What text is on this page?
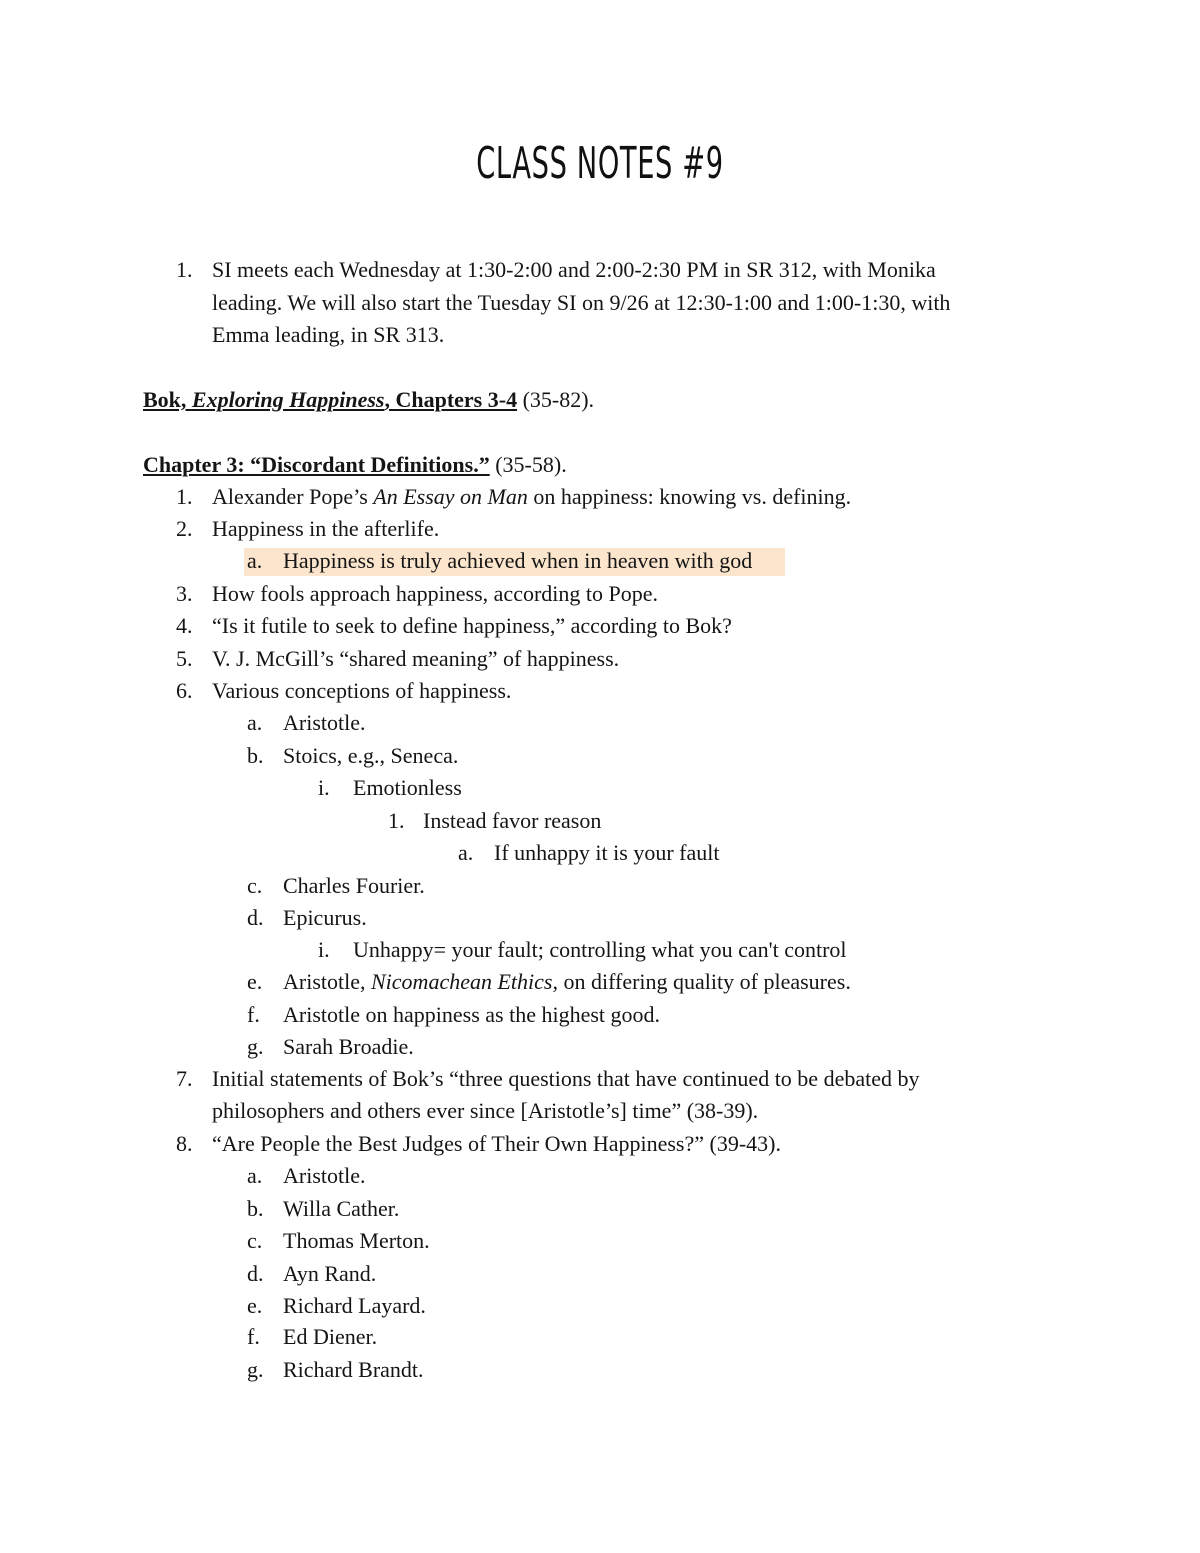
CLASS NOTES #9
1. SI meets each Wednesday at 1:30-2:00 and 2:00-2:30 PM in SR 312, with Monika
leading. We will also start the Tuesday SI on 9/26 at 12:30-1:00 and 1:00-1:30, with
Emma leading, in SR 313.
Bok, Exploring Happiness, Chapters 3-4 (35-82).
Chapter 3: “Discordant Definitions.” (35-58).
1. Alexander Pope’s An Essay on Man on happiness: knowing vs. defining.
2. Happiness in the afterlife.
a. Happiness is truly achieved when in heaven with god
3. How fools approach happiness, according to Pope.
4. “Is it futile to seek to define happiness,” according to Bok?
5. V. J. McGill’s “shared meaning” of happiness.
6. Various conceptions of happiness.
a. Aristotle.
b. Stoics, e.g., Seneca.
i. Emotionless
1. Instead favor reason
a. If unhappy it is your fault
c. Charles Fourier.
d. Epicurus.
i. Unhappy= your fault; controlling what you can't control
e. Aristotle, Nicomachean Ethics, on differing quality of pleasures.
f. Aristotle on happiness as the highest good.
g. Sarah Broadie.
7. Initial statements of Bok’s “three questions that have continued to be debated by
philosophers and others ever since [Aristotle’s] time” (38-39).
8. “Are People the Best Judges of Their Own Happiness?” (39-43).
a. Aristotle.
b. Willa Cather.
c. Thomas Merton.
d. Ayn Rand.
e. Richard Layard.
f. Ed Diener.
g. Richard Brandt.
